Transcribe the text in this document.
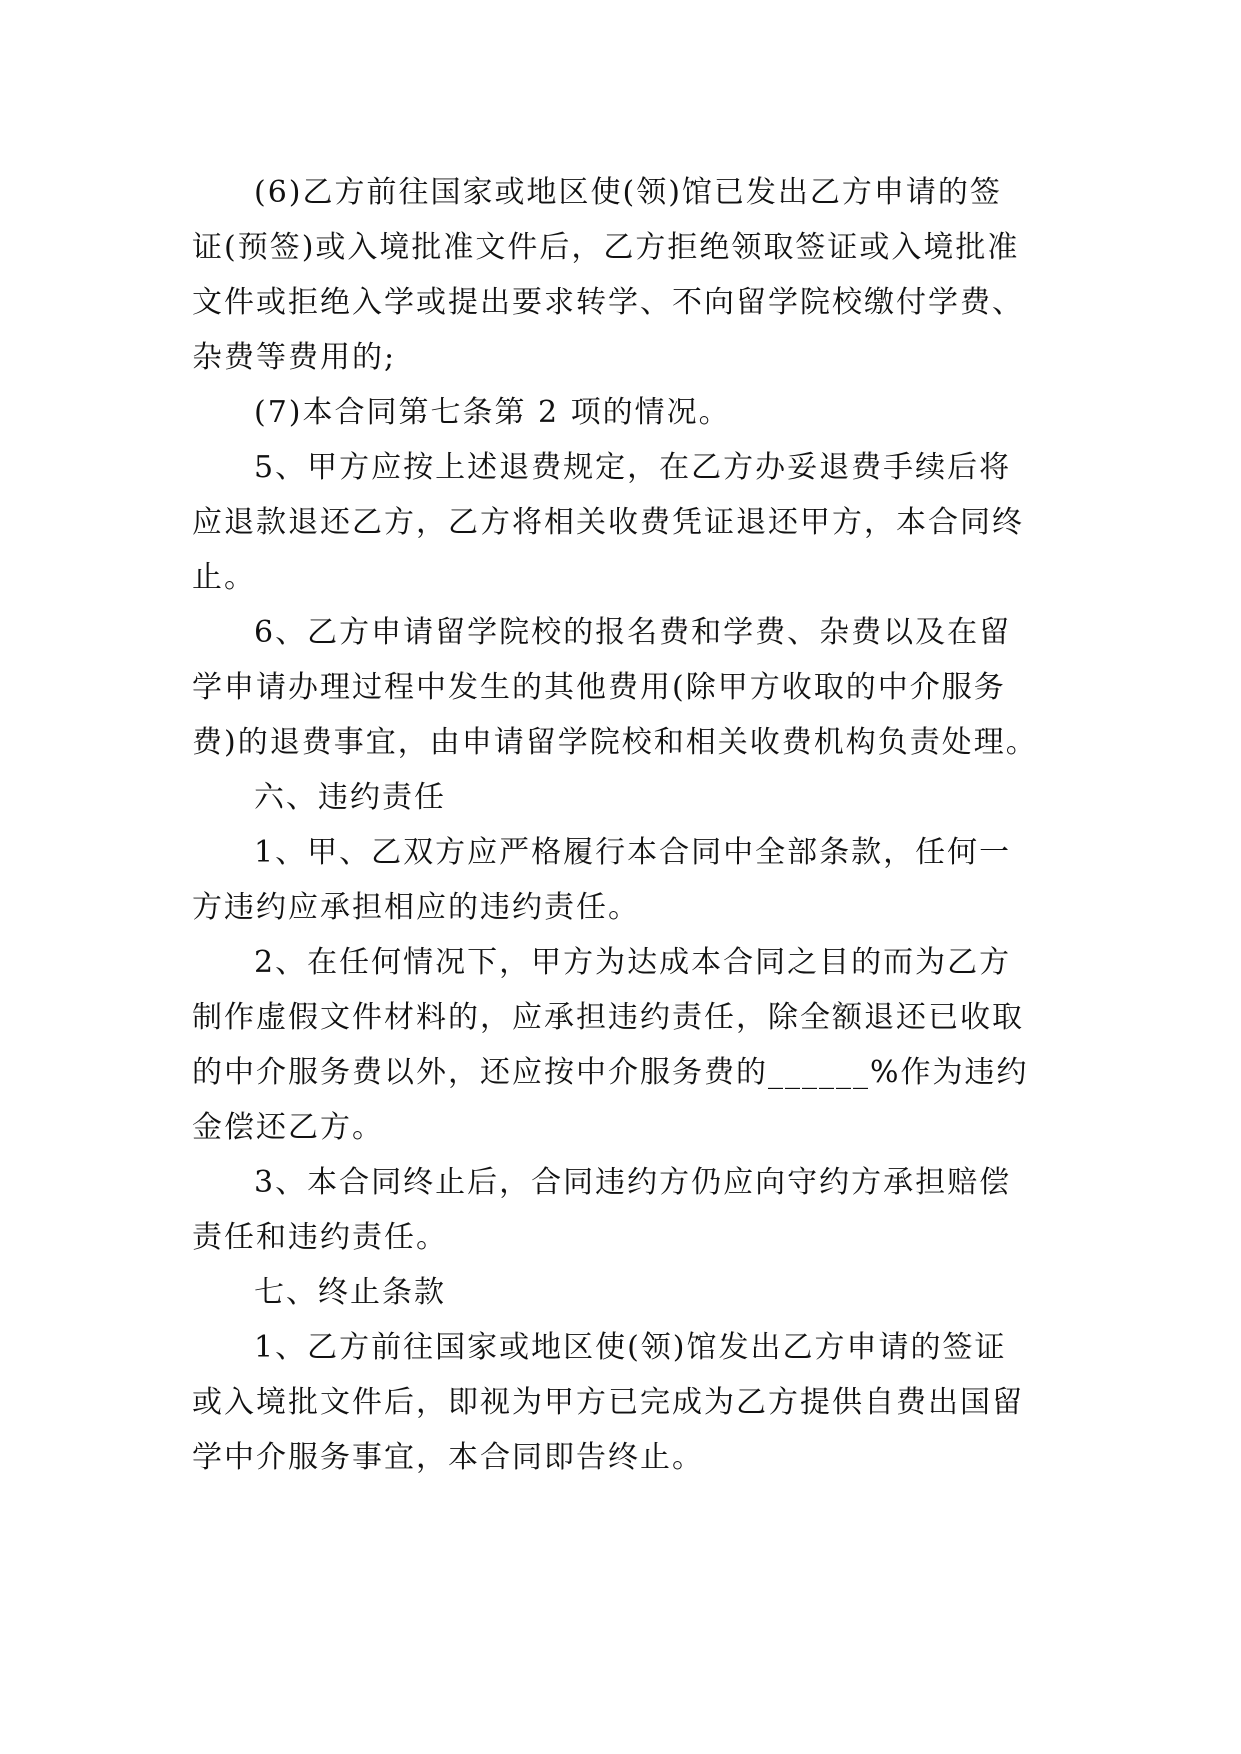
(6)乙方前往国家或地区使(领)馆已发出乙方申请的签
证(预签)或入境批准文件后，乙方拒绝领取签证或入境批准
文件或拒绝入学或提出要求转学、不向留学院校缴付学费、
杂费等费用的;
(7)本合同第七条第 2 项的情况。
5、甲方应按上述退费规定，在乙方办妥退费手续后将
应退款退还乙方，乙方将相关收费凭证退还甲方，本合同终
止。
6、乙方申请留学院校的报名费和学费、杂费以及在留
学申请办理过程中发生的其他费用(除甲方收取的中介服务
费)的退费事宜，由申请留学院校和相关收费机构负责处理。
六、违约责任
1、甲、乙双方应严格履行本合同中全部条款，任何一
方违约应承担相应的违约责任。
2、在任何情况下，甲方为达成本合同之目的而为乙方
制作虚假文件材料的，应承担违约责任，除全额退还已收取
的中介服务费以外，还应按中介服务费的______%作为违约
金偿还乙方。
3、本合同终止后，合同违约方仍应向守约方承担赔偿
责任和违约责任。
七、终止条款
1、乙方前往国家或地区使(领)馆发出乙方申请的签证
或入境批文件后，即视为甲方已完成为乙方提供自费出国留
学中介服务事宜，本合同即告终止。
